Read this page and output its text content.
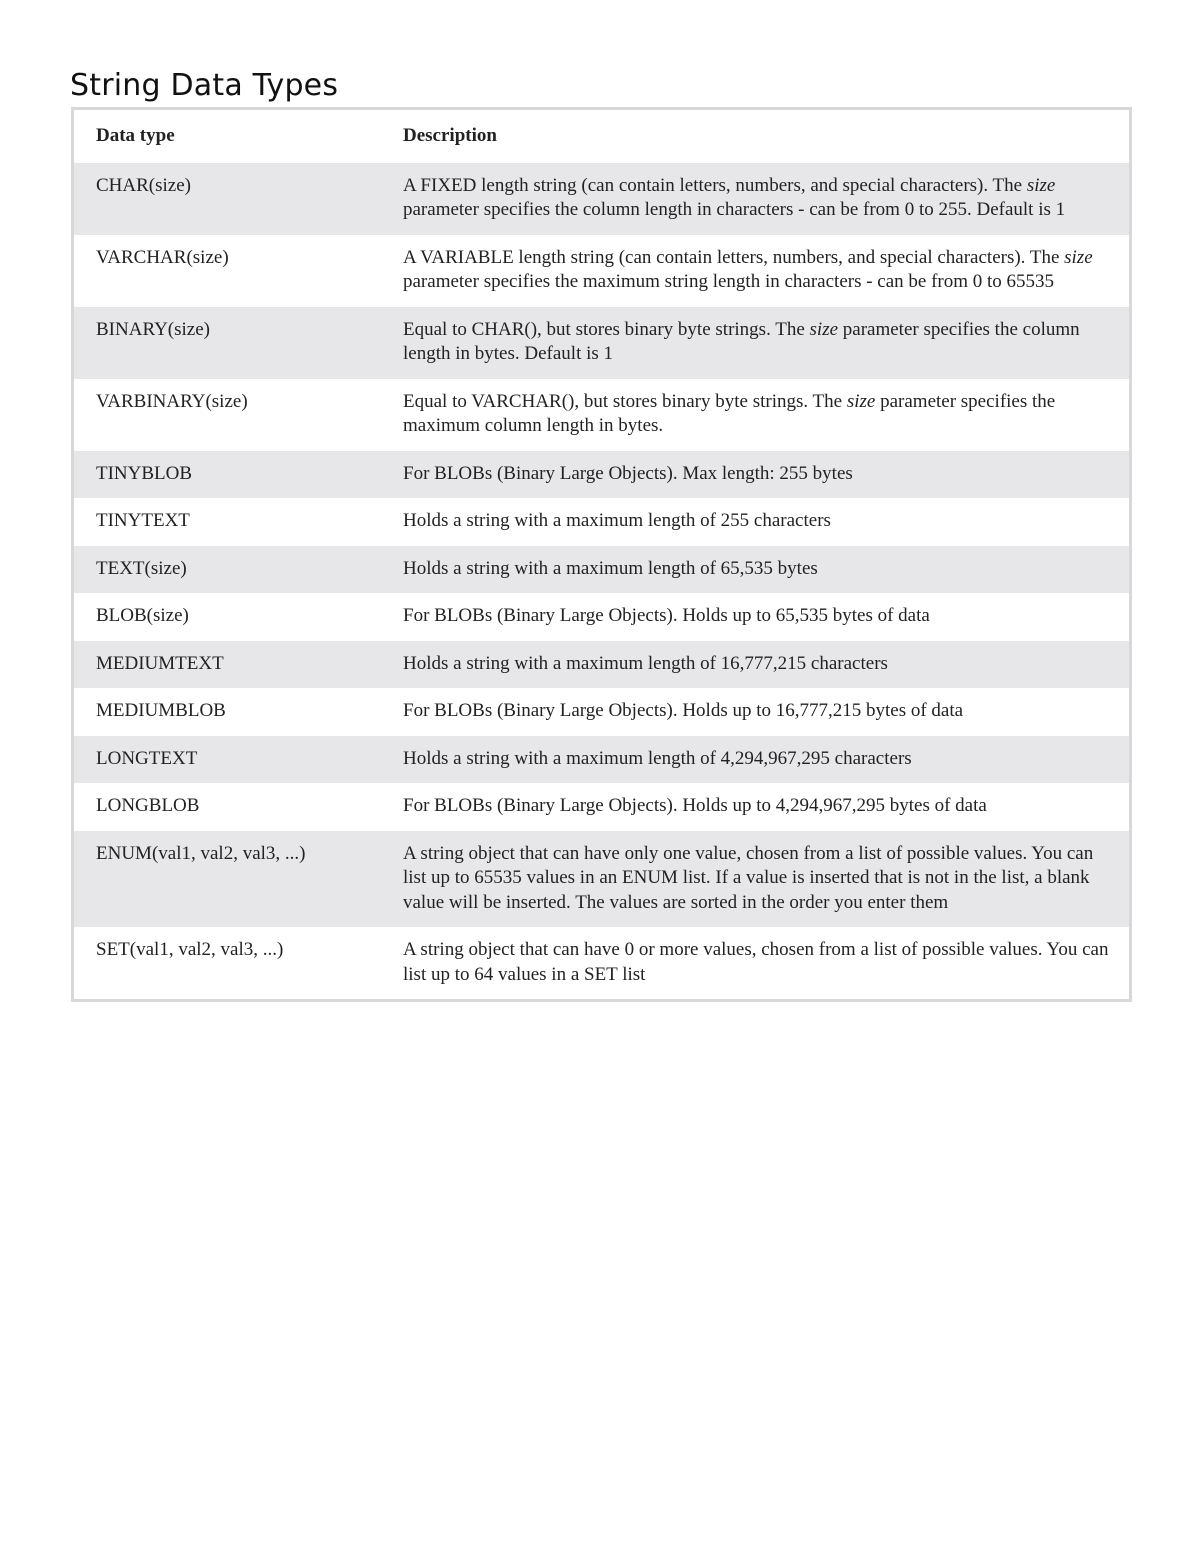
String Data Types
Data type	Description
CHAR(size)	A FIXED length string (can contain letters, numbers, and special characters). The size parameter specifies the column length in characters - can be from 0 to 255. Default is 1
VARCHAR(size)	A VARIABLE length string (can contain letters, numbers, and special characters). The size parameter specifies the maximum string length in characters - can be from 0 to 65535
BINARY(size)	Equal to CHAR(), but stores binary byte strings. The size parameter specifies the column length in bytes. Default is 1
VARBINARY(size)	Equal to VARCHAR(), but stores binary byte strings. The size parameter specifies the maximum column length in bytes.
TINYBLOB	For BLOBs (Binary Large Objects). Max length: 255 bytes
TINYTEXT	Holds a string with a maximum length of 255 characters
TEXT(size)	Holds a string with a maximum length of 65,535 bytes
BLOB(size)	For BLOBs (Binary Large Objects). Holds up to 65,535 bytes of data
MEDIUMTEXT	Holds a string with a maximum length of 16,777,215 characters
MEDIUMBLOB	For BLOBs (Binary Large Objects). Holds up to 16,777,215 bytes of data
LONGTEXT	Holds a string with a maximum length of 4,294,967,295 characters
LONGBLOB	For BLOBs (Binary Large Objects). Holds up to 4,294,967,295 bytes of data
ENUM(val1, val2, val3, ...)	A string object that can have only one value, chosen from a list of possible values. You can list up to 65535 values in an ENUM list. If a value is inserted that is not in the list, a blank value will be inserted. The values are sorted in the order you enter them
SET(val1, val2, val3, ...)	A string object that can have 0 or more values, chosen from a list of possible values. You can list up to 64 values in a SET list
